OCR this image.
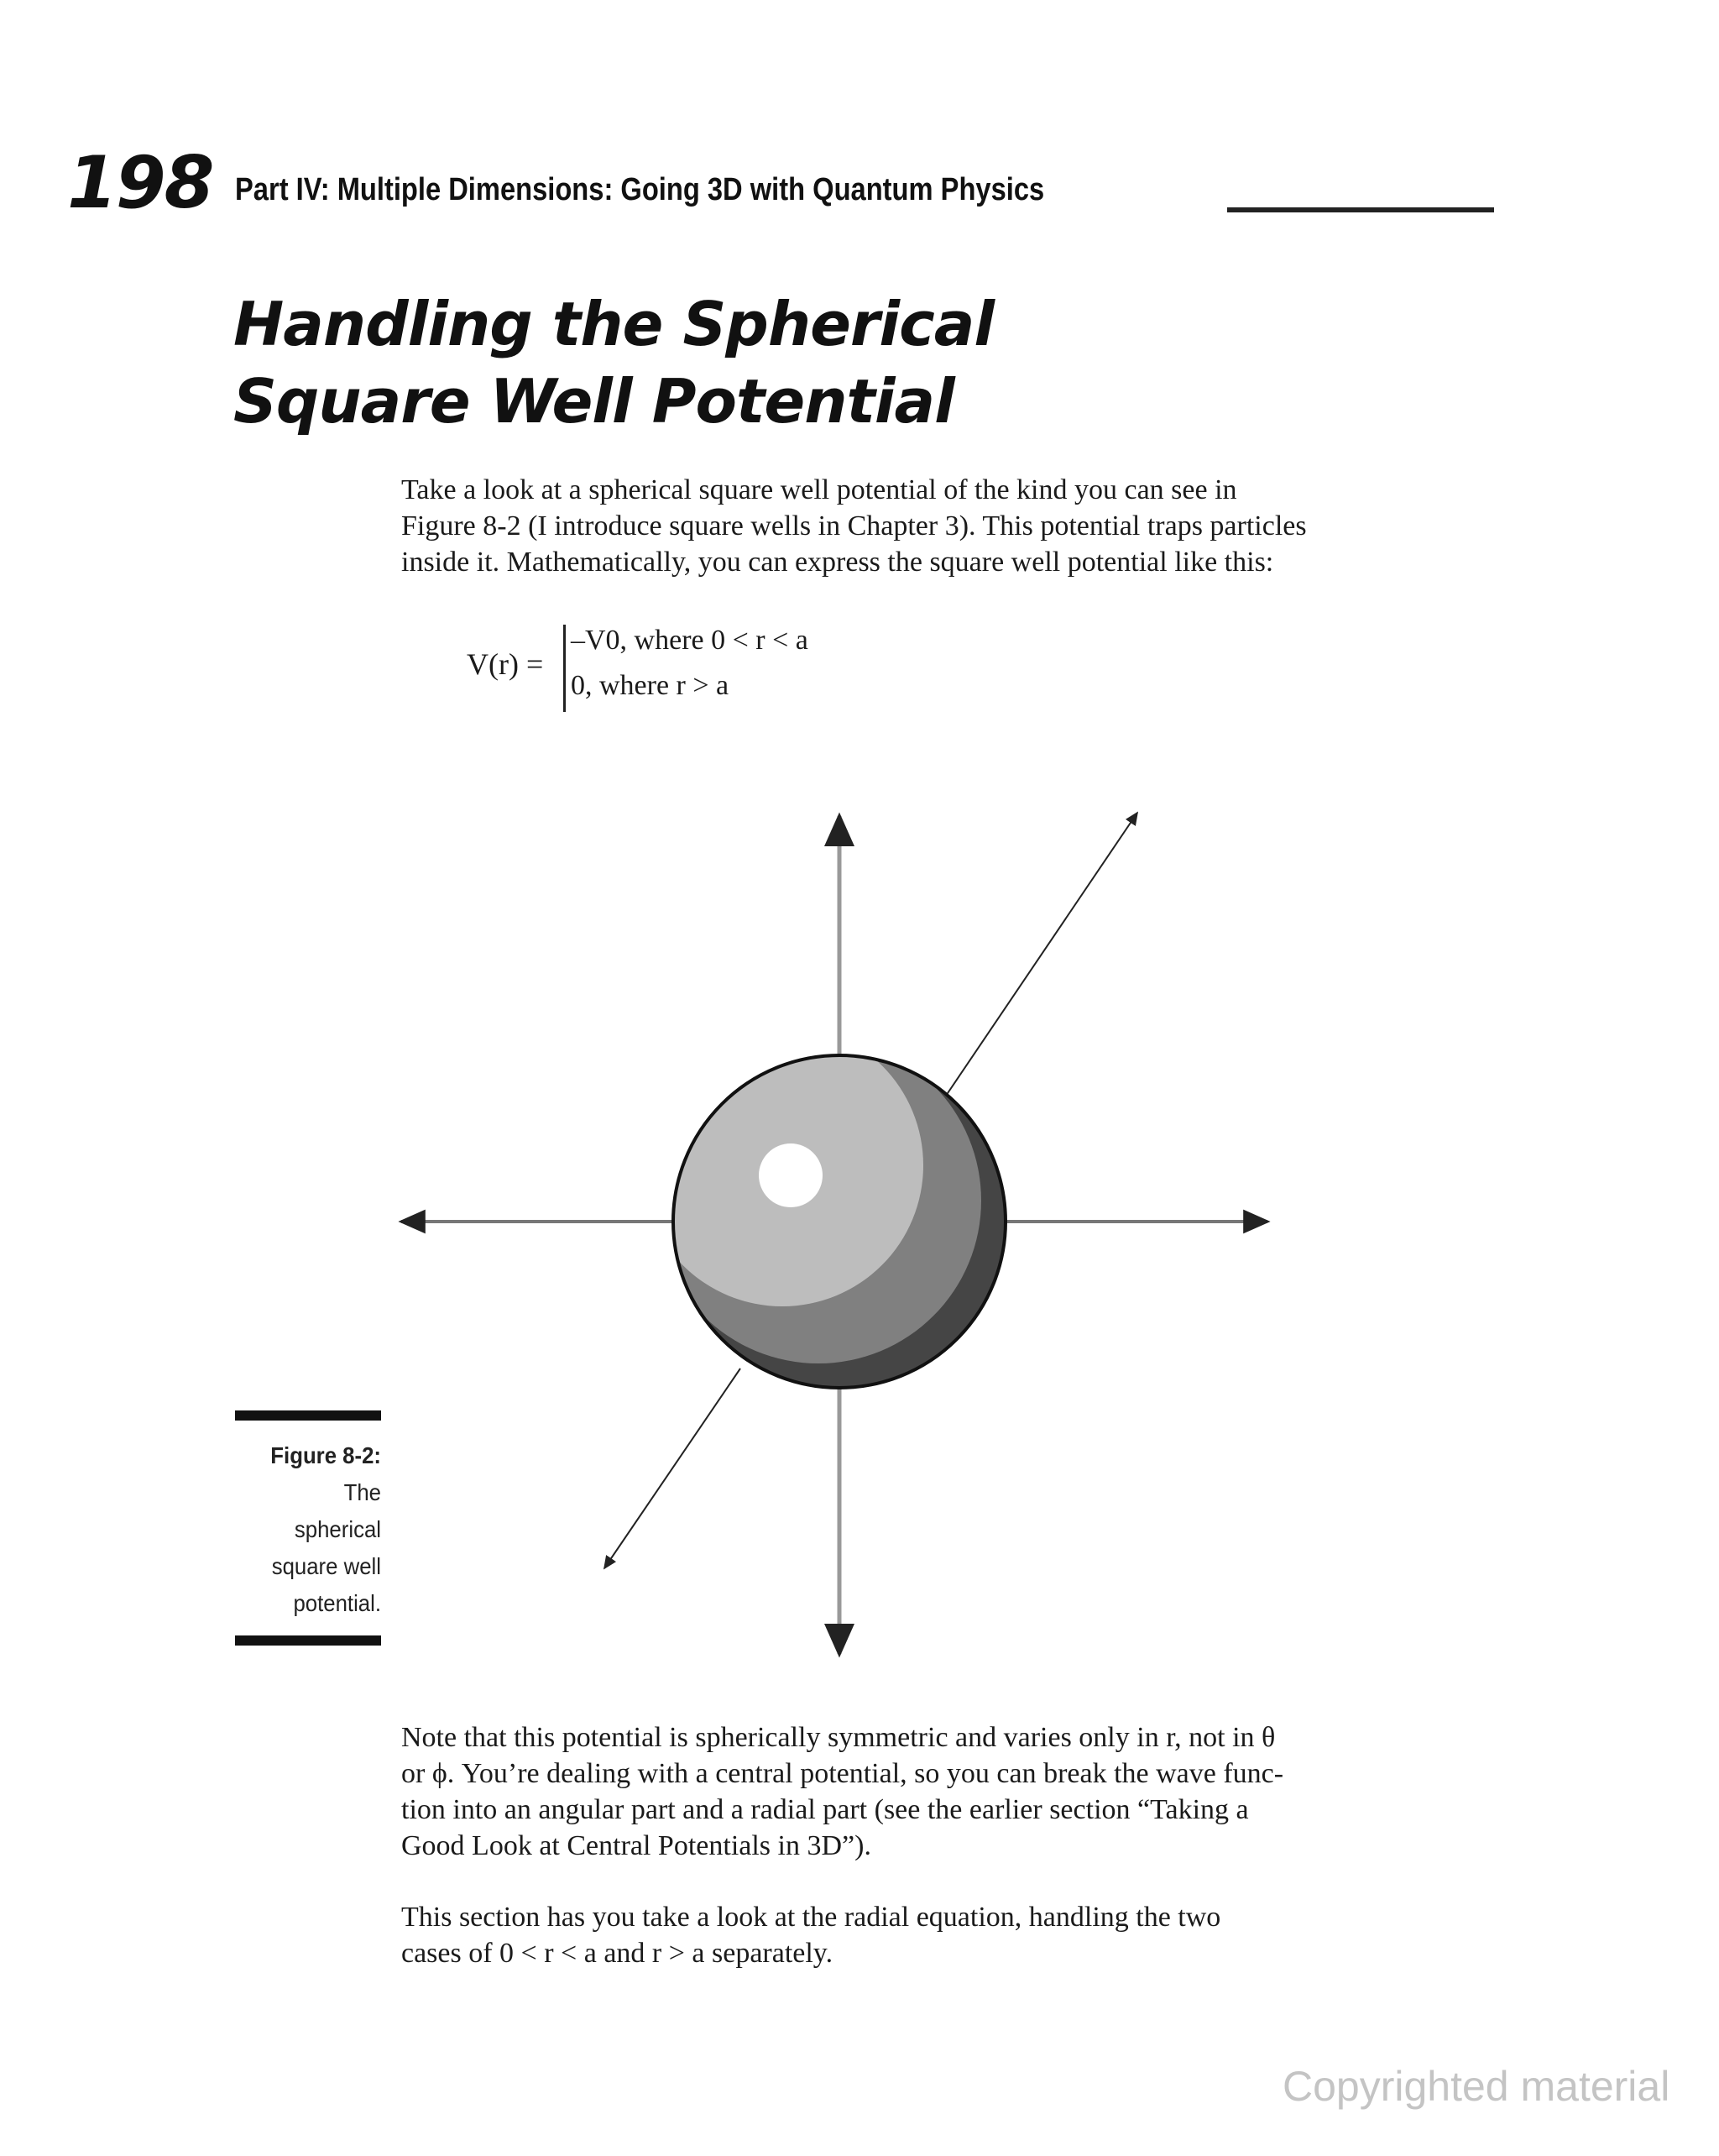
198 Part IV: Multiple Dimensions: Going 3D with Quantum Physics
Handling the Spherical
Square Well Potential

Take a look at a spherical square well potential of the kind you can see in
Figure 8-2 (I introduce square wells in Chapter 3). This potential traps particles
inside it. Mathematically, you can express the square well potential like this:

V(r) =
–V0, where 0 < r < a
0, where r > a
Figure 8-2:
The
spherical
square well
potential.

Note that this potential is spherically symmetric and varies only in r, not in θ
or ϕ. You’re dealing with a central potential, so you can break the wave func-
tion into an angular part and a radial part (see the earlier section “Taking a
Good Look at Central Potentials in 3D”).

This section has you take a look at the radial equation, handling the two
cases of 0 < r < a and r > a separately.

Copyrighted material
